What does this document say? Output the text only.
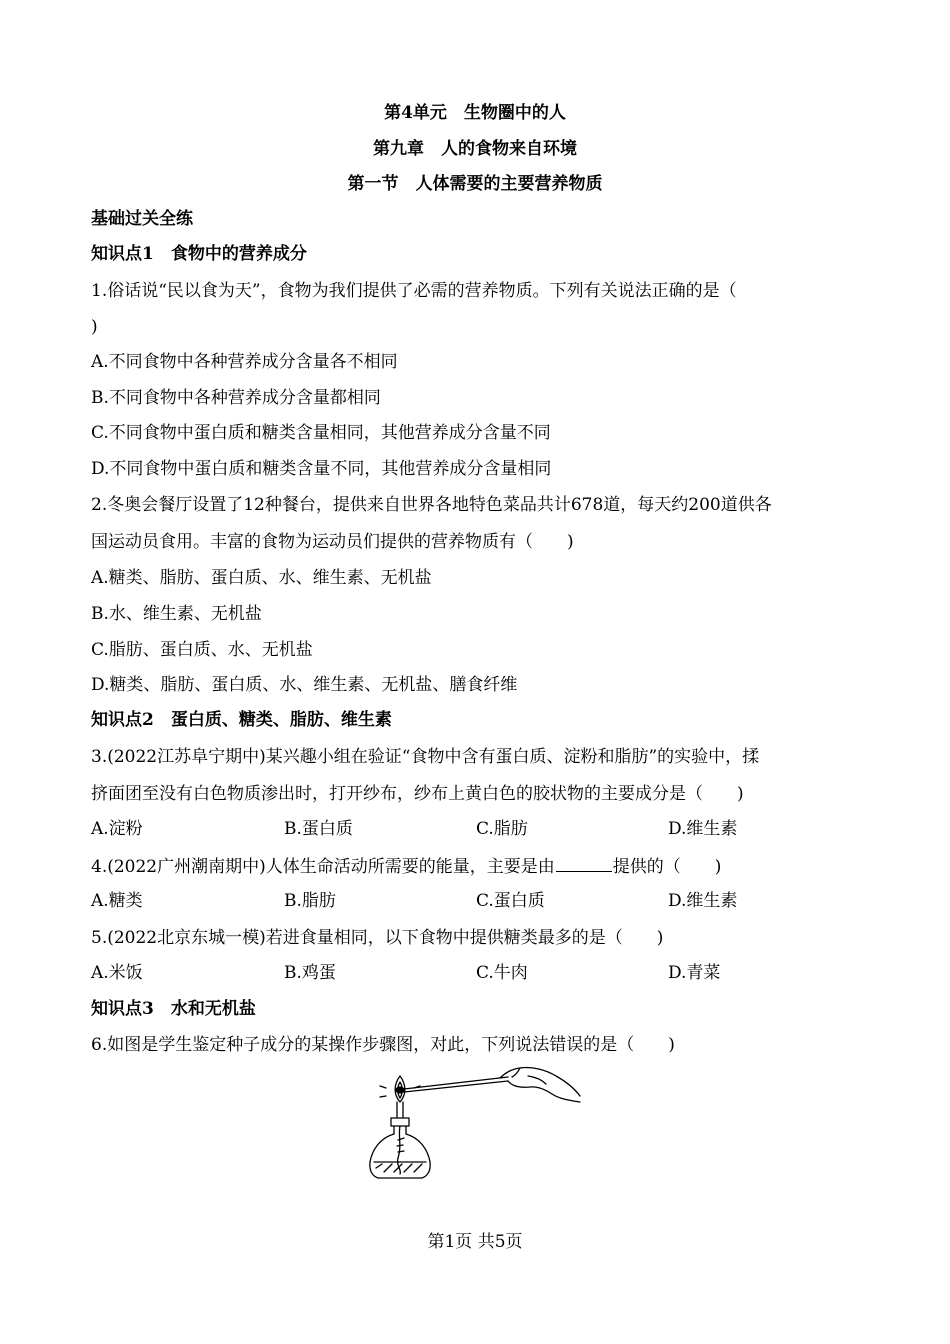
第4单元　生物圈中的人
第九章　人的食物来自环境
第一节　人体需要的主要营养物质
基础过关全练
知识点1　食物中的营养成分
1.俗话说“民以食为天”，食物为我们提供了必需的营养物质。下列有关说法正确的是（
)
A.不同食物中各种营养成分含量各不相同
B.不同食物中各种营养成分含量都相同
C.不同食物中蛋白质和糖类含量相同，其他营养成分含量不同
D.不同食物中蛋白质和糖类含量不同，其他营养成分含量相同
2.冬奥会餐厅设置了12种餐台，提供来自世界各地特色菜品共计678道，每天约200道供各
国运动员食用。丰富的食物为运动员们提供的营养物质有（　　)
A.糖类、脂肪、蛋白质、水、维生素、无机盐
B.水、维生素、无机盐
C.脂肪、蛋白质、水、无机盐
D.糖类、脂肪、蛋白质、水、维生素、无机盐、膳食纤维
知识点2　蛋白质、糖类、脂肪、维生素
3.(2022江苏阜宁期中)某兴趣小组在验证“食物中含有蛋白质、淀粉和脂肪”的实验中，揉
挤面团至没有白色物质渗出时，打开纱布，纱布上黄白色的胶状物的主要成分是（　　)
A.淀粉	B.蛋白质	C.脂肪	D.维生素
4.(2022广州潮南期中)人体生命活动所需要的能量，主要是由	提供的（　　)
A.糖类	B.脂肪	C.蛋白质	D.维生素
5.(2022北京东城一模)若进食量相同，以下食物中提供糖类最多的是（　　)
A.米饭	B.鸡蛋	C.牛肉	D.青菜
知识点3　水和无机盐
6.如图是学生鉴定种子成分的某操作步骤图，对此，下列说法错误的是（　　)
第1页 共5页
